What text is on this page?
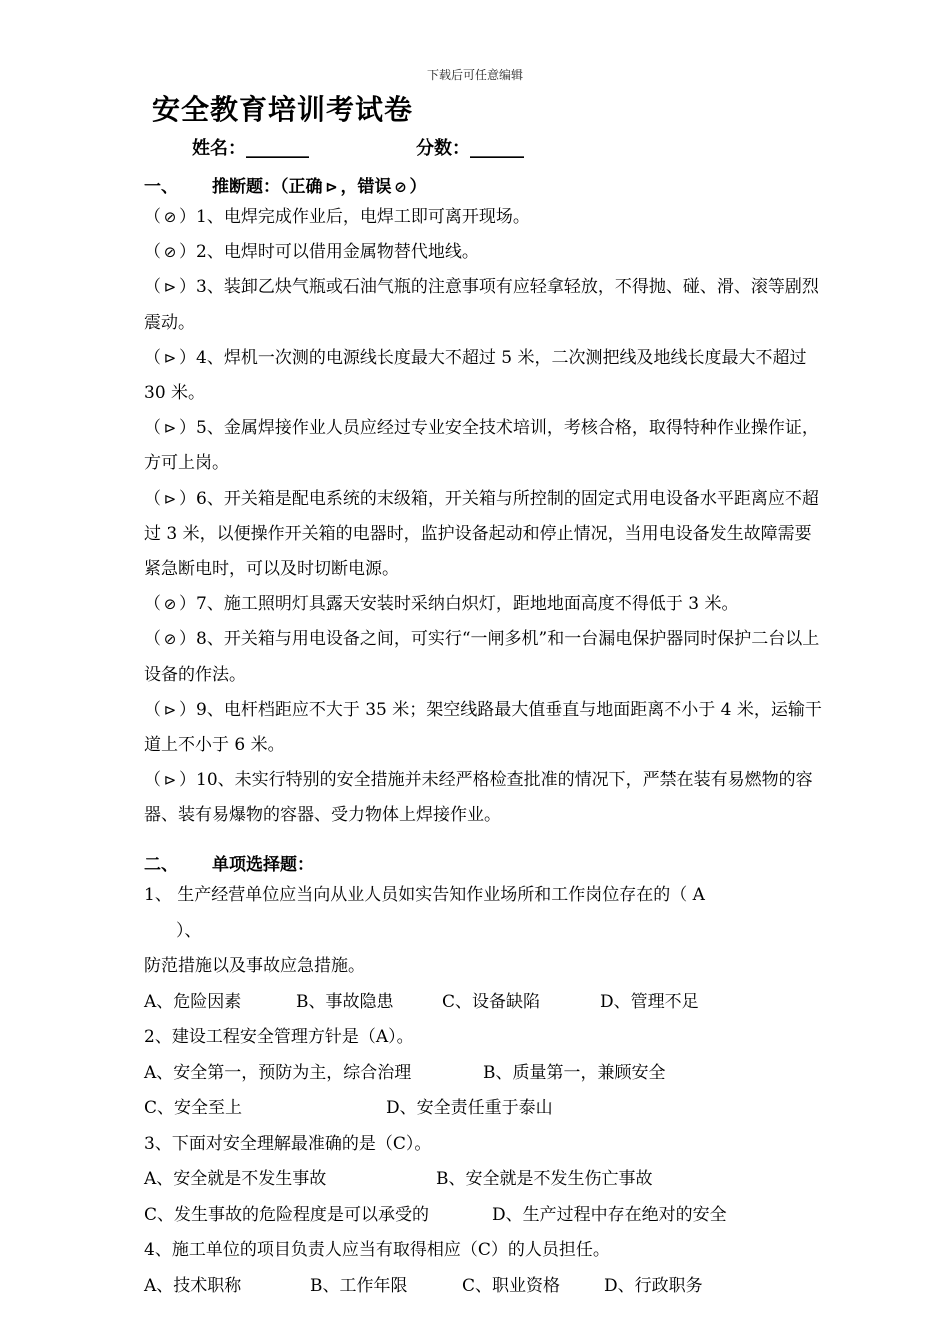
下载后可任意编辑
安全教育培训考试卷
姓名：_______	分数：______
一、 推断题：（正确 ⊳ ，错误 ⊘ ）

（ ⊘ ）1、电焊完成作业后，电焊工即可离开现场。

（ ⊘ ）2、电焊时可以借用金属物替代地线。

（ ⊳ ）3、装卸乙炔气瓶或石油气瓶的注意事项有应轻拿轻放，不得抛、碰、滑、滚等剧烈震动。

（ ⊳ ）4、焊机一次测的电源线长度最大不超过 5 米，二次测把线及地线长度最大不超过 30 米。

（ ⊳ ）5、金属焊接作业人员应经过专业安全技术培训，考核合格，取得特种作业操作证，方可上岗。

（ ⊳ ）6、开关箱是配电系统的末级箱，开关箱与所控制的固定式用电设备水平距离应不超过 3 米，以便操作开关箱的电器时，监护设备起动和停止情况，当用电设备发生故障需要紧急断电时，可以及时切断电源。

（ ⊘ ）7、施工照明灯具露天安装时采纳白炽灯，距地地面高度不得低于 3 米。

（ ⊘ ）8、开关箱与用电设备之间，可实行“一闸多机”和一台漏电保护器同时保护二台以上设备的作法。

（ ⊳ ）9、电杆档距应不大于 35 米；架空线路最大值垂直与地面距离不小于 4 米，运输干道上不小于 6 米。

（ ⊳ ）10、未实行特别的安全措施并未经严格检查批准的情况下，严禁在装有易燃物的容器、装有易爆物的容器、受力物体上焊接作业。

二、 单项选择题：
1、 生产经营单位应当向从业人员如实告知作业场所和工作岗位存在的（ A
）、
防范措施以及事故应急措施。
A、危险因素	B、事故隐患	C、设备缺陷	D、管理不足
2、建设工程安全管理方针是（A）。
A、安全第一，预防为主，综合治理	B、质量第一，兼顾安全
C、安全至上	D、安全责任重于泰山
3、下面对安全理解最准确的是（C）。
A、安全就是不发生事故	B、安全就是不发生伤亡事故
C、发生事故的危险程度是可以承受的	D、生产过程中存在绝对的安全
4、施工单位的项目负责人应当有取得相应（C）的人员担任。
A、技术职称	B、工作年限	C、职业资格	D、行政职务
